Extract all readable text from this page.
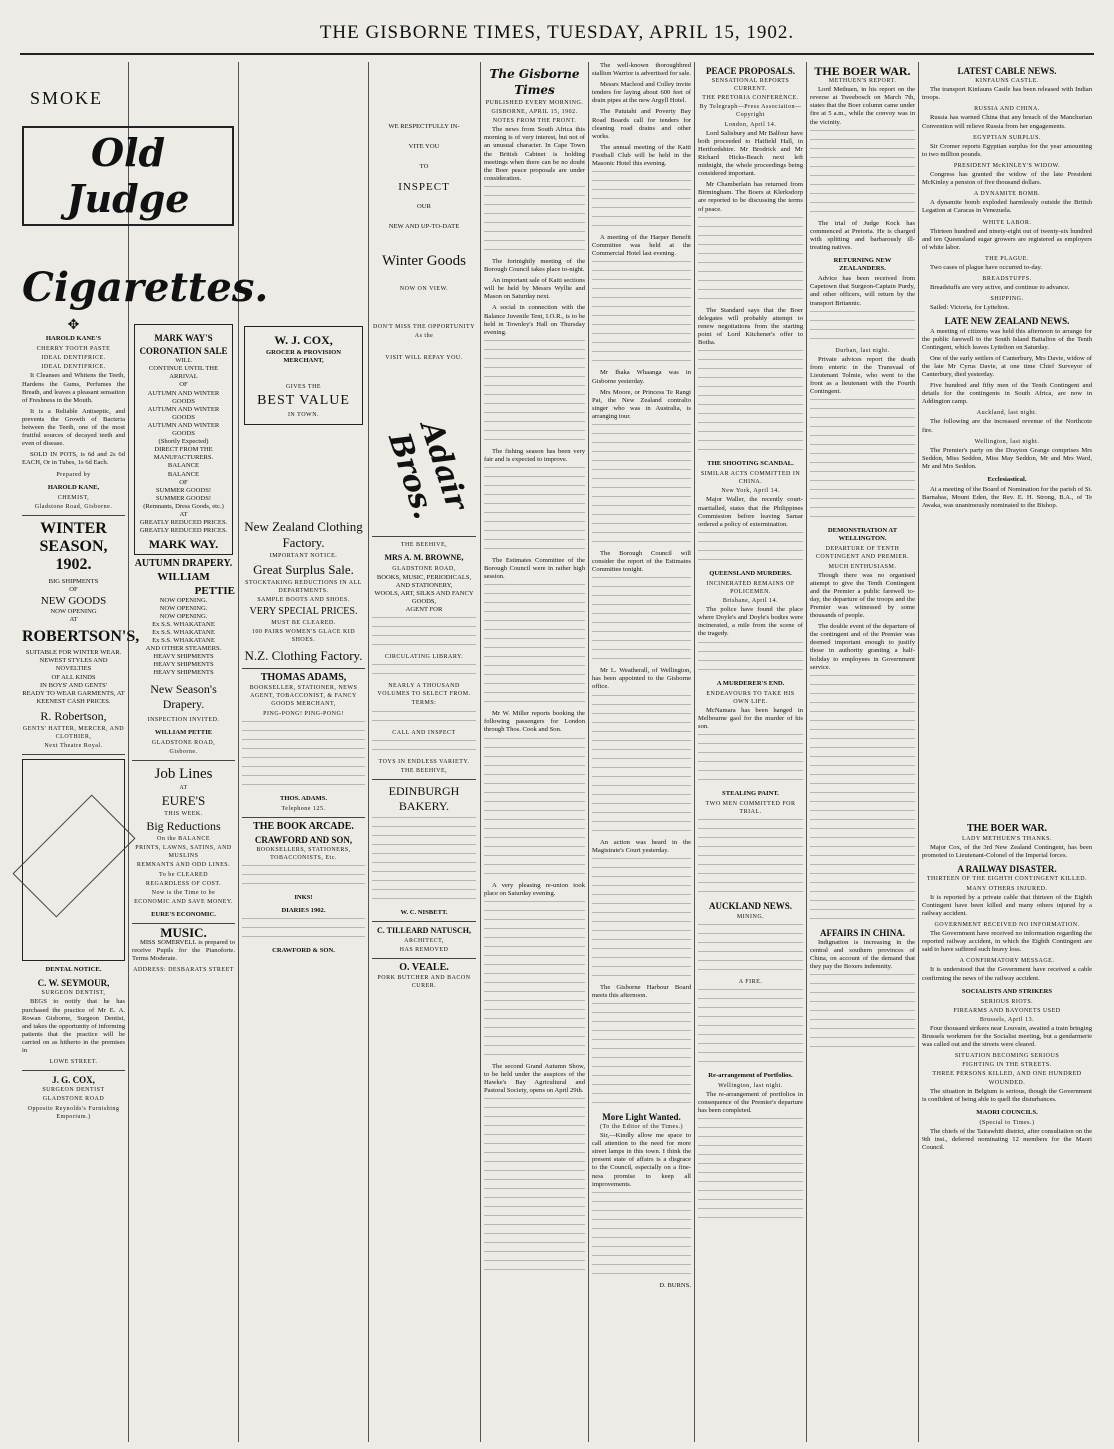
THE GISBORNE TIMES, TUESDAY, APRIL 15, 1902.
SMOKE
Old Judge
Cigarettes.
✥
HAROLD KANE'S
CHERRY TOOTH PASTE
IDEAL DENTIFRICE.
IDEAL DENTIFRICE.

It Cleanses and Whitens the Teeth, Hardens the Gums, Perfumes the Breath, and leaves a pleasant sensation of Freshness in the Mouth.

It is a Reliable Antiseptic, and prevents the Growth of Bacteria between the Teeth, one of the most fruitful sources of decayed teeth and even of disease.

SOLD IN POTS, is 6d and 2s 6d EACH, Or in Tubes, 1s 6d Each.

Prepared by
HAROLD KANE,
CHEMIST,
Gladstone Road, Gisborne.
WINTER SEASON,
1902.
BIG SHIPMENTS
OF
NEW GOODS
NOW OPENING
AT
ROBERTSON'S,
SUITABLE FOR WINTER WEAR.
NEWEST STYLES AND NOVELTIES
OF ALL KINDS
IN BOYS' AND GENTS'
READY TO WEAR GARMENTS, AT
KEENEST CASH PRICES.
R. Robertson,
GENTS' HATTER, MERCER, AND CLOTHIER,
Next Theatre Royal.
DENTAL NOTICE.
C. W. SEYMOUR,
SURGEON DENTIST,

BEGS to notify that he has purchased the practice of Mr E. A. Rowan Gisborne, Surgeon Dentist, and takes the opportunity of informing patients that the practice will be carried on as hitherto in the premises in

LOWE STREET.
J. G. COX,
SURGEON DENTIST
GLADSTONE ROAD
Opposite Reynolds's Furnishing Emporium.)
MARK WAY'S
CORONATION SALE
WILL
CONTINUE UNTIL THE ARRIVAL
OF
AUTUMN AND WINTER GOODS
AUTUMN AND WINTER GOODS
AUTUMN AND WINTER GOODS
(Shortly Expected)
DIRECT FROM THE MANUFACTURERS.
BALANCE
BALANCE
OF
SUMMER GOODS!
SUMMER GOODS!
(Remnants, Dress Goods, etc.)
AT
GREATLY REDUCED PRICES.
GREATLY REDUCED PRICES.
MARK WAY.
AUTUMN DRAPERY.
WILLIAM
PETTIE
NOW OPENING.
NOW OPENING.
NOW OPENING.
Ex S.S. WHAKATANE
Ex S.S. WHAKATANE
Ex S.S. WHAKATANE
AND OTHER STEAMERS.
HEAVY SHIPMENTS
HEAVY SHIPMENTS
HEAVY SHIPMENTS
New Season's Drapery.
INSPECTION INVITED.
WILLIAM PETTIE
GLADSTONE ROAD,
Gisborne.
Job Lines
AT
EURE'S
THIS WEEK.
Big Reductions
On the BALANCE
PRINTS, LAWNS, SATINS, AND MUSLINS
REMNANTS AND ODD LINES.
To be CLEARED
REGARDLESS OF COST.
Now is the Time to be
ECONOMIC AND SAVE MONEY.
EURE'S ECONOMIC.
MUSIC.

MISS SOMERVELL is prepared to receive Pupils for the Pianoforte. Terms Moderate.

ADDRESS: DESBARATS STREET
W. J. COX,
GROCER & PROVISION MERCHANT,
GIVES THE
BEST VALUE
IN TOWN.
New Zealand Clothing Factory.
IMPORTANT NOTICE.
Great Surplus Sale.
STOCKTAKING REDUCTIONS IN ALL DEPARTMENTS.
SAMPLE BOOTS AND SHOES.
VERY SPECIAL PRICES.
MUST BE CLEARED.
100 PAIRS WOMEN'S GLACE KID SHOES.
N.Z. Clothing Factory.
THOMAS ADAMS,
BOOKSELLER, STATIONER, NEWS AGENT, TOBACCONIST, & FANCY GOODS MERCHANT,
PING-PONG! PING-PONG!
THOS. ADAMS.
Telephone 125.
THE BOOK ARCADE.
CRAWFORD AND SON,
BOOKSELLERS, STATIONERS, TOBACCONISTS, Etc.
INKS!
DIARIES 1902.
CRAWFORD & SON.
WE RESPECTFULLY IN-
VITE YOU
TO
INSPECT
OUR
NEW AND UP-TO-DATE
Winter Goods
NOW ON VIEW.
DON'T MISS THE OPPORTUNITY
As the
VISIT WILL REPAY YOU.
Adair Bros.
THE BEEHIVE,
MRS A. M. BROWNE,
GLADSTONE ROAD,
BOOKS, MUSIC, PERIODICALS, AND STATIONERY,
WOOLS, ART, SILKS AND FANCY GOODS,
AGENT FOR
CIRCULATING LIBRARY.
NEARLY A THOUSAND VOLUMES TO SELECT FROM.
TERMS:
CALL AND INSPECT
TOYS IN ENDLESS VARIETY.
THE BEEHIVE,
EDINBURGH BAKERY.
W. C. NISBETT.
C. TILLEARD NATUSCH,
ARCHITECT,
HAS REMOVED
O. VEALE.
PORK BUTCHER AND BACON CURER.
The Gisborne Times
PUBLISHED EVERY MORNING.
GISBORNE, APRIL 15, 1902.
NOTES FROM THE FRONT.

The news from South Africa this morning is of very interest, but not of an unusual character. In Cape Town the British Cabinet is holding meetings when there can be no doubt the Boer peace proposals are under consideration.

The fortnightly meeting of the Borough Council takes place to-night.

An important sale of Kaiti sections will be held by Messrs Wyllie and Mason on Saturday next.

A social in connection with the Balance Juvenile Tent, I.O.R., is to be held in Townley's Hall on Thursday evening.

The fishing season has been very fair and is expected to improve.

The Estimates Committee of the Borough Council were in rather high session.

Mr W. Miller reports booking the following passengers for London through Thos. Cook and Son.

A very pleasing re-union took place on Saturday evening.

The second Grand Autumn Show, to be held under the auspices of the Hawke's Bay Agricultural and Pastoral Society, opens on April 29th.

The well-known thoroughbred stallion Warrior is advertised for sale.

Messrs Macleod and Colley invite tenders for laying about 600 feet of drain pipes at the new Argyll Hotel.

The Patutahi and Poverty Bay Road Boards call for tenders for cleaning road drains and other works.

The annual meeting of the Kaiti Football Club will be held in the Masonic Hotel this evening.

A meeting of the Harper Benefit Committee was held at the Commercial Hotel last evening.

Mr Ihaka Whaanga was in Gisborne yesterday.

Mrs Moore, or Princess Te Rangi Pai, the New Zealand contralto singer who was in Australia, is arranging tour.

The Borough Council will consider the report of the Estimates Committee tonight.

Mr L. Weatherall, of Wellington, has been appointed to the Gisborne office.

An action was heard in the Magistrate's Court yesterday.

The Gisborne Harbour Board meets this afternoon.

More Light Wanted.
(To the Editor of the Times.)

Sir,—Kindly allow me space to call attention to the need for more street lamps in this town. I think the present state of affairs is a disgrace to the Council, especially on a fine-ness promise to keep all improvements.

D. BURNS.
PEACE PROPOSALS.
SENSATIONAL REPORTS CURRENT.
THE PRETORIA CONFERENCE.
By Telegraph—Press Association—Copyright
London, April 14.

Lord Salisbury and Mr Balfour have both proceeded to Hatfield Hall, in Hertfordshire. Mr Brodrick and Mr Richard Hicks-Beach next left midnight, the whole proceedings being considered important.

Mr Chamberlain has returned from Birmingham. The Boers at Klerksdorp are reported to be discussing the terms of peace.

The Standard says that the Boer delegates will probably attempt to renew negotiations from the starting point of Lord Kitchener's offer to Botha.

THE SHOOTING SCANDAL.
SIMILAR ACTS COMMITTED IN CHINA.
New York, April 14.

Major Waller, the recently court-martialled, states that the Philippines Commission before leaving Samar ordered a policy of extermination.

QUEENSLAND MURDERS.
INCINERATED REMAINS OF POLICEMEN.
Brisbane, April 14.

The police have found the place where Doyle's and Doyle's bodies were incinerated, a mile from the scene of the tragedy.

A MURDERER'S END.
ENDEAVOURS TO TAKE HIS OWN LIFE.

McNamara has been hanged in Melbourne gaol for the murder of his son.

STEALING PAINT.
TWO MEN COMMITTED FOR TRIAL.
AUCKLAND NEWS.
MINING.
A FIRE.
Re-arrangement of Portfolios.
Wellington, last night.

The re-arrangement of portfolios in consequence of the Premier's departure has been completed.

THE BOER WAR.
METHUEN'S REPORT.

Lord Methuen, in his report on the reverse at Tweebosch on March 7th, states that the Boer column came under fire at 5 a.m., while the convoy was in the vicinity.

The trial of Judge Kock has commenced at Pretoria. He is charged with splitting and barbarously ill-treating natives.

RETURNING NEW ZEALANDERS.

Advice has been received from Capetown that Surgeon-Captain Purdy, and other officers, will return by the transport Britannic.

Durban, last night.

Private advices report the death from enteric in the Transvaal of Lieutenant Tolmie, who went to the front as a lieutenant with the Fourth Contingent.

DEMONSTRATION AT WELLINGTON.
DEPARTURE OF TENTH CONTINGENT AND PREMIER.
MUCH ENTHUSIASM.

Though there was no organised attempt to give the Tenth Contingent and the Premier a public farewell to-day, the departure of the troops and the Premier was witnessed by some thousands of people.

The double event of the departure of the contingent and of the Premier was deemed important enough to justify those in authority granting a half-holiday to employees in Government service.

AFFAIRS IN CHINA.

Indignation is increasing in the central and southern provinces of China, on account of the demand that they pay the Boxers indemnity.

LATEST CABLE NEWS.
KINFAUNS CASTLE.

The transport Kinfauns Castle has been released with Indian troops.

RUSSIA AND CHINA.

Russia has warned China that any breach of the Manchurian Convention will relieve Russia from her engagements.

EGYPTIAN SURPLUS.

Sir Cromer reports Egyptian surplus for the year amounting to two million pounds.

PRESIDENT McKINLEY'S WIDOW.

Congress has granted the widow of the late President McKinley a pension of five thousand dollars.

A DYNAMITE BOMB.

A dynamite bomb exploded harmlessly outside the British Legation at Caracas in Venezuela.

WHITE LABOR.

Thirteen hundred and ninety-eight out of twenty-six hundred and ten Queensland sugar growers are registered as employers of white labor.

THE PLAGUE.

Two cases of plague have occurred to-day.

BREADSTUFFS.

Breadstuffs are very active, and continue to advance.

SHIPPING.

Sailed: Victoria, for Lyttelton.

LATE NEW ZEALAND NEWS.

A meeting of citizens was held this afternoon to arrange for the public farewell to the South Island Battalion of the Tenth Contingent, which leaves Lyttelton on Saturday.

One of the early settlers of Canterbury, Mrs Davie, widow of the late Mr Cyrus Davie, at one time Chief Surveyor of Canterbury, died yesterday.

Five hundred and fifty men of the Tenth Contingent and details for the contingents in South Africa, are now in Addington camp.

Auckland, last night.

The following are the increased revenue of the Northcote fire.

Wellington, last night.

The Premier's party on the Drayton Grange comprises Mrs Seddon, Miss Seddon, Miss May Seddon, Mr and Mrs Ward, Mr and Mrs Seddon.

Ecclesiastical.

At a meeting of the Board of Nomination for the parish of St. Barnabas, Mount Eden, the Rev. E. H. Strong, B.A., of Te Awaka, was unanimously nominated to the Bishop.

THE BOER WAR.
LADY METHUEN'S THANKS.

Major Cox, of the 3rd New Zealand Contingent, has been promoted to Lieutenant-Colonel of the Imperial forces.

A RAILWAY DISASTER.
THIRTEEN OF THE EIGHTH CONTINGENT KILLED.
MANY OTHERS INJURED.

It is reported by a private cable that thirteen of the Eighth Contingent have been killed and many others injured by a railway accident.

GOVERNMENT RECEIVED NO INFORMATION.

The Government have received no information regarding the reported railway accident, in which the Eighth Contingent are said to have suffered such heavy loss.

A CONFIRMATORY MESSAGE.

It is understood that the Government have received a cable confirming the news of the railway accident.

SOCIALISTS AND STRIKERS
SERIOUS RIOTS.
FIREARMS AND BAYONETS USED
Brussels, April 13.

Four thousand strikers near Louvain, awaited a train bringing Brussels workmen for the Socialist meeting, but a gendarmerie was called out and the streets were cleared.

SITUATION BECOMING SERIOUS
FIGHTING IN THE STREETS.
THREE PERSONS KILLED, AND ONE HUNDRED WOUNDED.

The situation in Belgium is serious, though the Government is confident of being able to quell the disturbances.

MAORI COUNCILS.
(Special to Times.)

The chiefs of the Tairawhiti district, after consultation on the 9th inst., deferred nominating 12 members for the Maori Council.
